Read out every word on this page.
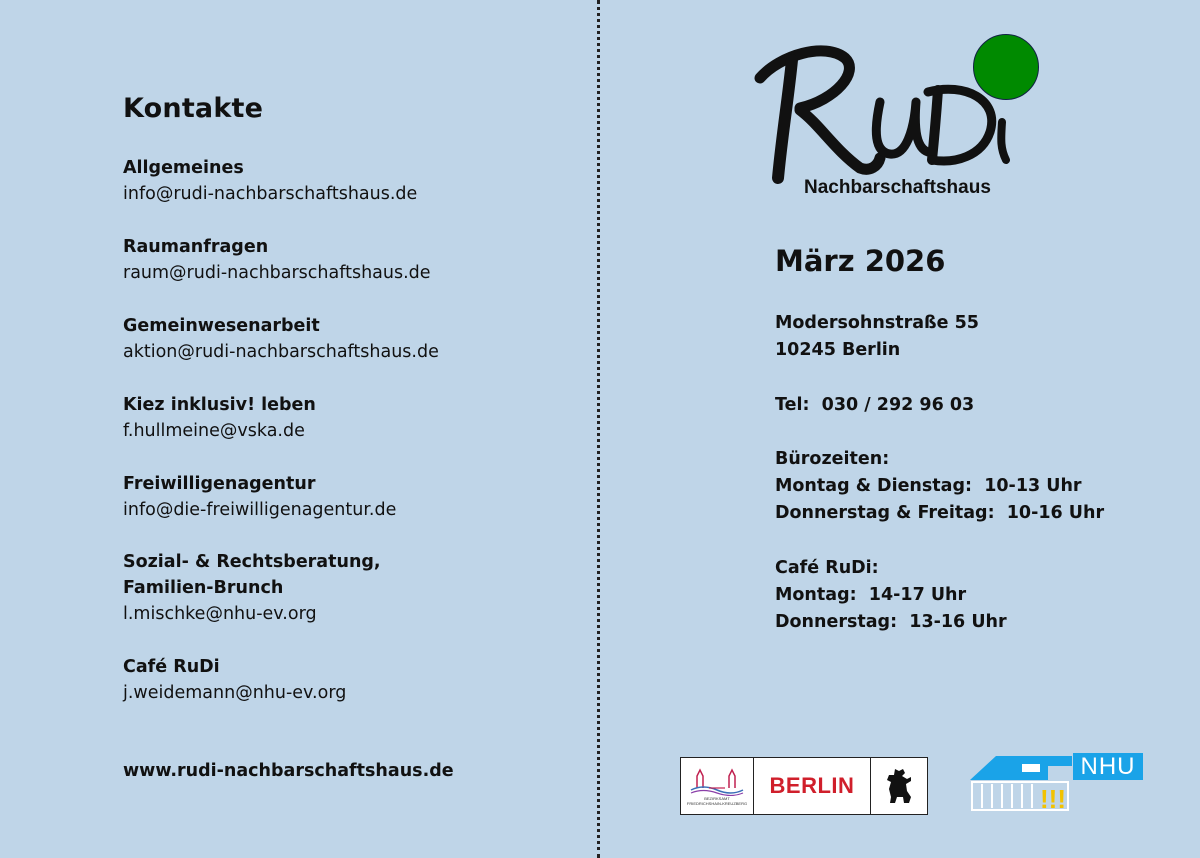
Kontakte
Allgemeines
info@rudi-nachbarschaftshaus.de
Raumanfragen
raum@rudi-nachbarschaftshaus.de
Gemeinwesenarbeit
aktion@rudi-nachbarschaftshaus.de
Kiez inklusiv! leben
f.hullmeine@vska.de
Freiwilligenagentur
info@die-freiwilligenagentur.de
Sozial- & Rechtsberatung,
Familien-Brunch
l.mischke@nhu-ev.org
Café RuDi
j.weidemann@nhu-ev.org
www.rudi-nachbarschaftshaus.de
Nachbarschaftshaus
März 2026
Modersohnstraße 55
10245 Berlin
Tel:  030 / 292 96 03
Bürozeiten:
Montag & Dienstag:  10-13 Uhr
Donnerstag & Freitag:  10-16 Uhr
Café RuDi:
Montag:  14-17 Uhr
Donnerstag:  13-16 Uhr
BEZIRKSAMT
FRIEDRICHSHAIN-KREUZBERG
BERLIN	!!!
NHU
